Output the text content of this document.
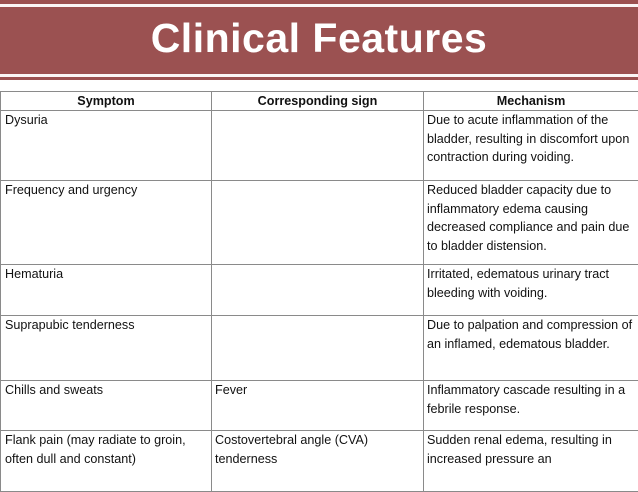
Clinical Features
Symptom	Corresponding sign	Mechanism
Dysuria		Due to acute inflammation of the bladder, resulting in discomfort upon contraction during voiding.
Frequency and urgency		Reduced bladder capacity due to inflammatory edema causing decreased compliance and pain due to bladder distension.
Hematuria		Irritated, edematous urinary tract bleeding with voiding.
Suprapubic tenderness		Due to palpation and compression of an inflamed, edematous bladder.
Chills and sweats	Fever	Inflammatory cascade resulting in a febrile response.
Flank pain (may radiate to groin, often dull and constant)	Costovertebral angle (CVA) tenderness	Sudden renal edema, resulting in increased pressure an
